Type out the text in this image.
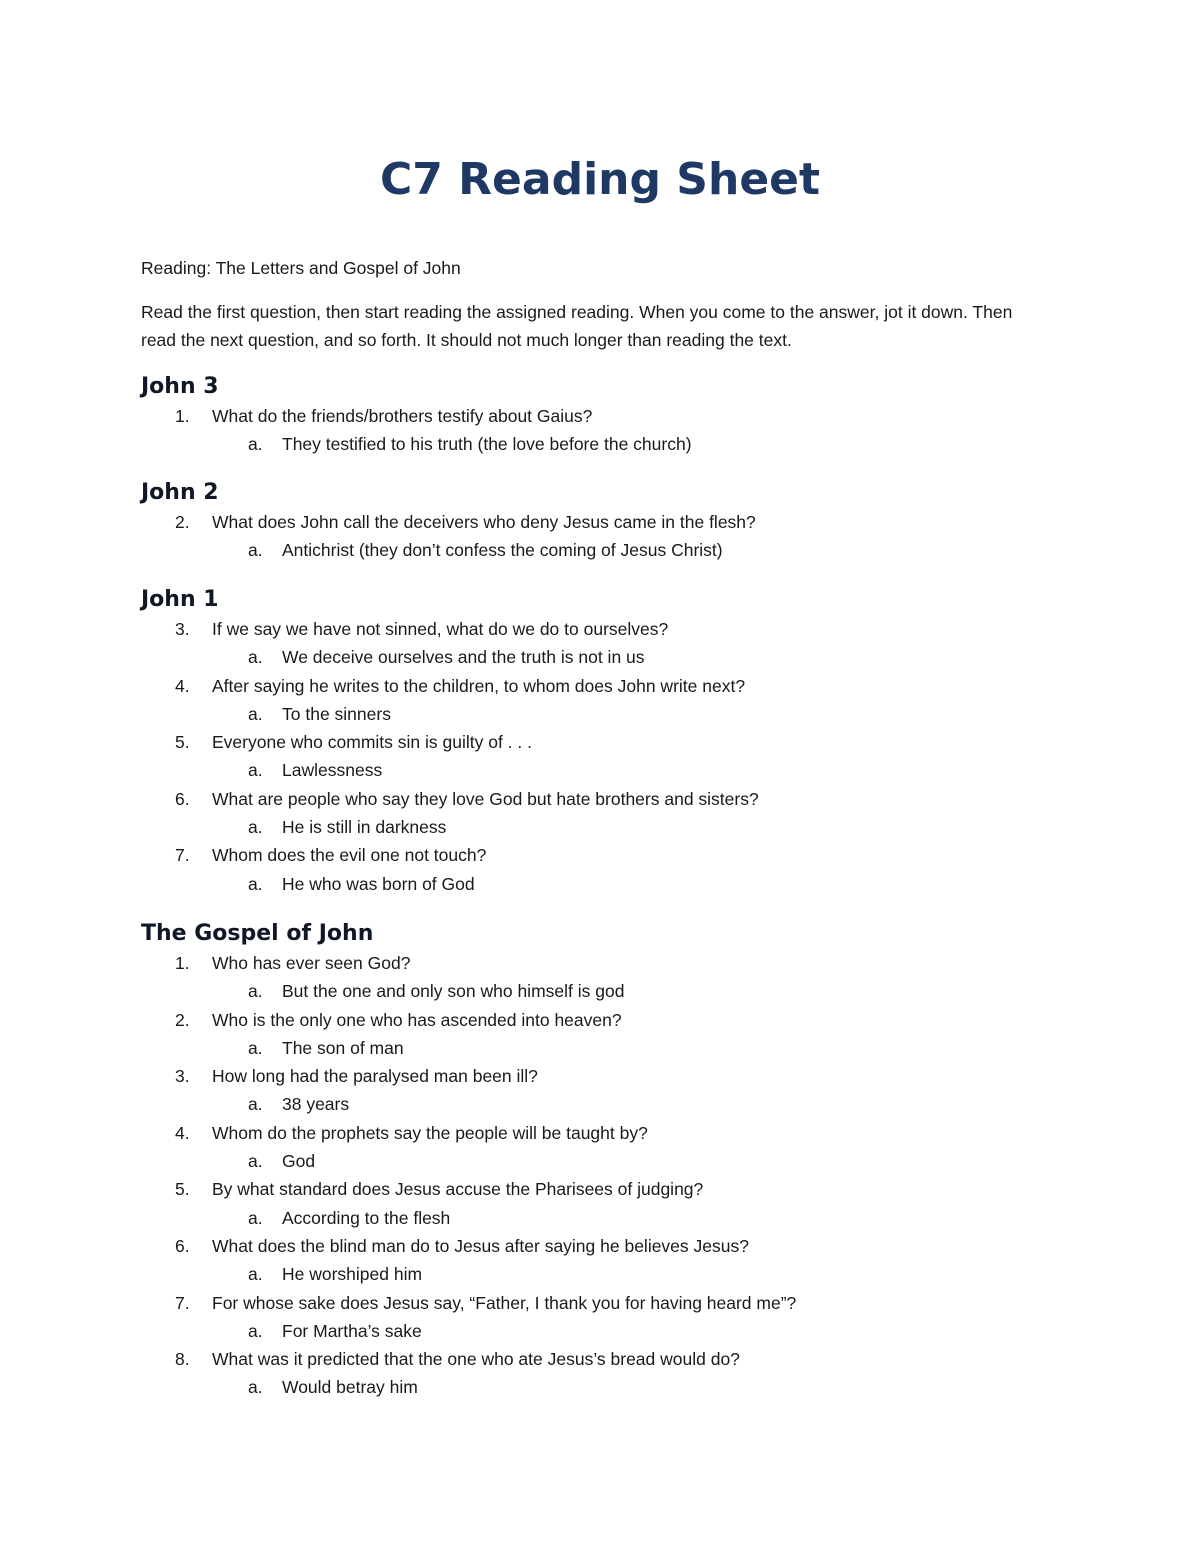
C7 Reading Sheet
Reading: The Letters and Gospel of John
Read the first question, then start reading the assigned reading. When you come to the answer, jot it down. Then read the next question, and so forth. It should not much longer than reading the text.
John 3
1.	What do the friends/brothers testify about Gaius?
a. They testified to his truth (the love before the church)
John 2
2.	What does John call the deceivers who deny Jesus came in the flesh?
a. Antichrist (they don’t confess the coming of Jesus Christ)
John 1
3.	If we say we have not sinned, what do we do to ourselves?
a. We deceive ourselves and the truth is not in us
4.	After saying he writes to the children, to whom does John write next?
a. To the sinners
5.	Everyone who commits sin is guilty of . . .
a. Lawlessness
6.	What are people who say they love God but hate brothers and sisters?
a. He is still in darkness
7.	Whom does the evil one not touch?
a. He who was born of God
The Gospel of John
1.	Who has ever seen God?
a. But the one and only son who himself is god
2.	Who is the only one who has ascended into heaven?
a. The son of man
3.	How long had the paralysed man been ill?
a. 38 years
4.	Whom do the prophets say the people will be taught by?
a. God
5.	By what standard does Jesus accuse the Pharisees of judging?
a. According to the flesh
6.	What does the blind man do to Jesus after saying he believes Jesus?
a. He worshiped him
7.	For whose sake does Jesus say, “Father, I thank you for having heard me”?
a. For Martha’s sake
8.	What was it predicted that the one who ate Jesus’s bread would do?
a. Would betray him
